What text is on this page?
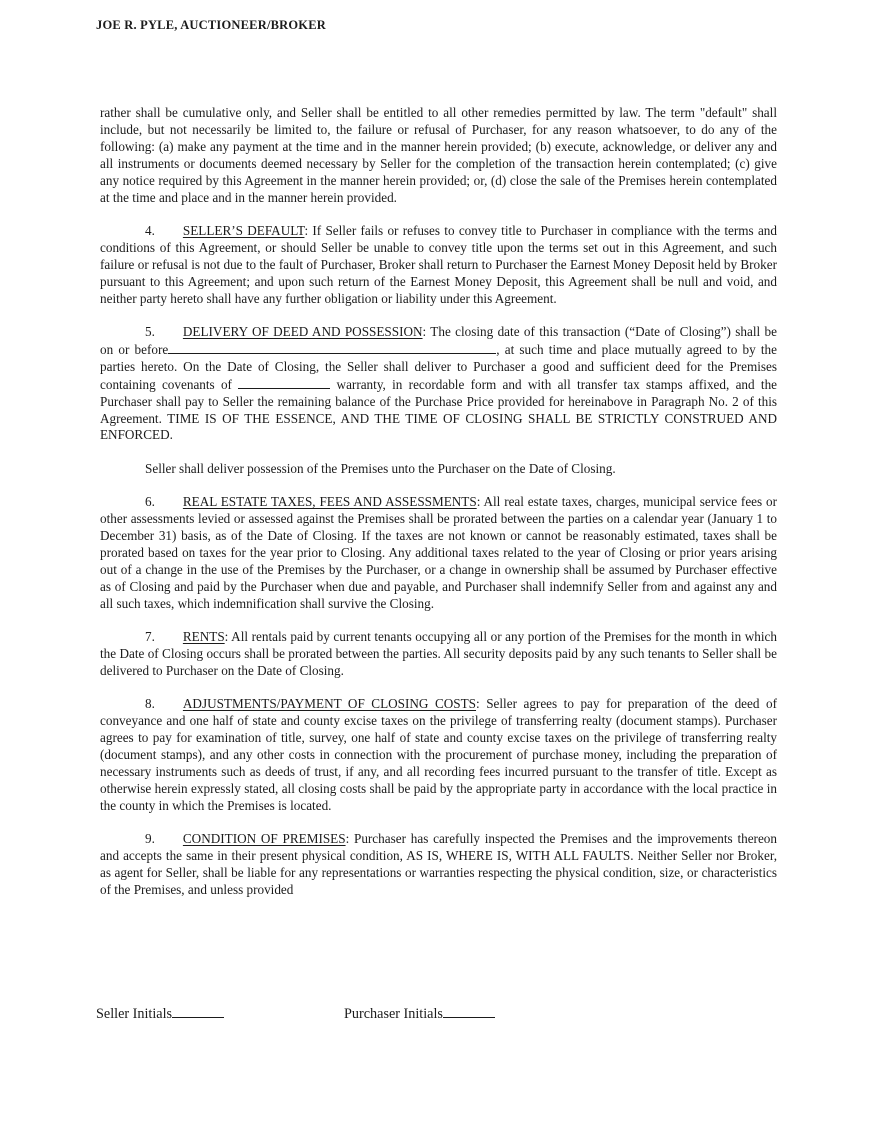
JOE R. PYLE, AUCTIONEER/BROKER

rather shall be cumulative only, and Seller shall be entitled to all other remedies permitted by law. The term "default" shall include, but not necessarily be limited to, the failure or refusal of Purchaser, for any reason whatsoever, to do any of the following: (a) make any payment at the time and in the manner herein provided; (b) execute, acknowledge, or deliver any and all instruments or documents deemed necessary by Seller for the completion of the transaction herein contemplated; (c) give any notice required by this Agreement in the manner herein provided; or, (d) close the sale of the Premises herein contemplated at the time and place and in the manner herein provided.

4. SELLER’S DEFAULT: If Seller fails or refuses to convey title to Purchaser in compliance with the terms and conditions of this Agreement, or should Seller be unable to convey title upon the terms set out in this Agreement, and such failure or refusal is not due to the fault of Purchaser, Broker shall return to Purchaser the Earnest Money Deposit held by Broker pursuant to this Agreement; and upon such return of the Earnest Money Deposit, this Agreement shall be null and void, and neither party hereto shall have any further obligation or liability under this Agreement.

5. DELIVERY OF DEED AND POSSESSION: The closing date of this transaction (“Date of Closing”) shall be on or before	, at such time and place mutually agreed to by the parties hereto. On the Date of Closing, the Seller shall deliver to Purchaser a good and sufficient deed for the Premises containing covenants of	warranty, in recordable form and with all transfer tax stamps affixed, and the Purchaser shall pay to Seller the remaining balance of the Purchase Price provided for hereinabove in Paragraph No. 2 of this Agreement. TIME IS OF THE ESSENCE, AND THE TIME OF CLOSING SHALL BE STRICTLY CONSTRUED AND ENFORCED.

Seller shall deliver possession of the Premises unto the Purchaser on the Date of Closing.

6. REAL ESTATE TAXES, FEES AND ASSESSMENTS: All real estate taxes, charges, municipal service fees or other assessments levied or assessed against the Premises shall be prorated between the parties on a calendar year (January 1 to December 31) basis, as of the Date of Closing. If the taxes are not known or cannot be reasonably estimated, taxes shall be prorated based on taxes for the year prior to Closing. Any additional taxes related to the year of Closing or prior years arising out of a change in the use of the Premises by the Purchaser, or a change in ownership shall be assumed by Purchaser effective as of Closing and paid by the Purchaser when due and payable, and Purchaser shall indemnify Seller from and against any and all such taxes, which indemnification shall survive the Closing.

7. RENTS: All rentals paid by current tenants occupying all or any portion of the Premises for the month in which the Date of Closing occurs shall be prorated between the parties. All security deposits paid by any such tenants to Seller shall be delivered to Purchaser on the Date of Closing.

8. ADJUSTMENTS/PAYMENT OF CLOSING COSTS: Seller agrees to pay for preparation of the deed of conveyance and one half of state and county excise taxes on the privilege of transferring realty (document stamps). Purchaser agrees to pay for examination of title, survey, one half of state and county excise taxes on the privilege of transferring realty (document stamps), and any other costs in connection with the procurement of purchase money, including the preparation of necessary instruments such as deeds of trust, if any, and all recording fees incurred pursuant to the transfer of title. Except as otherwise herein expressly stated, all closing costs shall be paid by the appropriate party in accordance with the local practice in the county in which the Premises is located.

9. CONDITION OF PREMISES: Purchaser has carefully inspected the Premises and the improvements thereon and accepts the same in their present physical condition, AS IS, WHERE IS, WITH ALL FAULTS. Neither Seller nor Broker, as agent for Seller, shall be liable for any representations or warranties respecting the physical condition, size, or characteristics of the Premises, and unless provided

Seller Initials	Purchaser Initials
